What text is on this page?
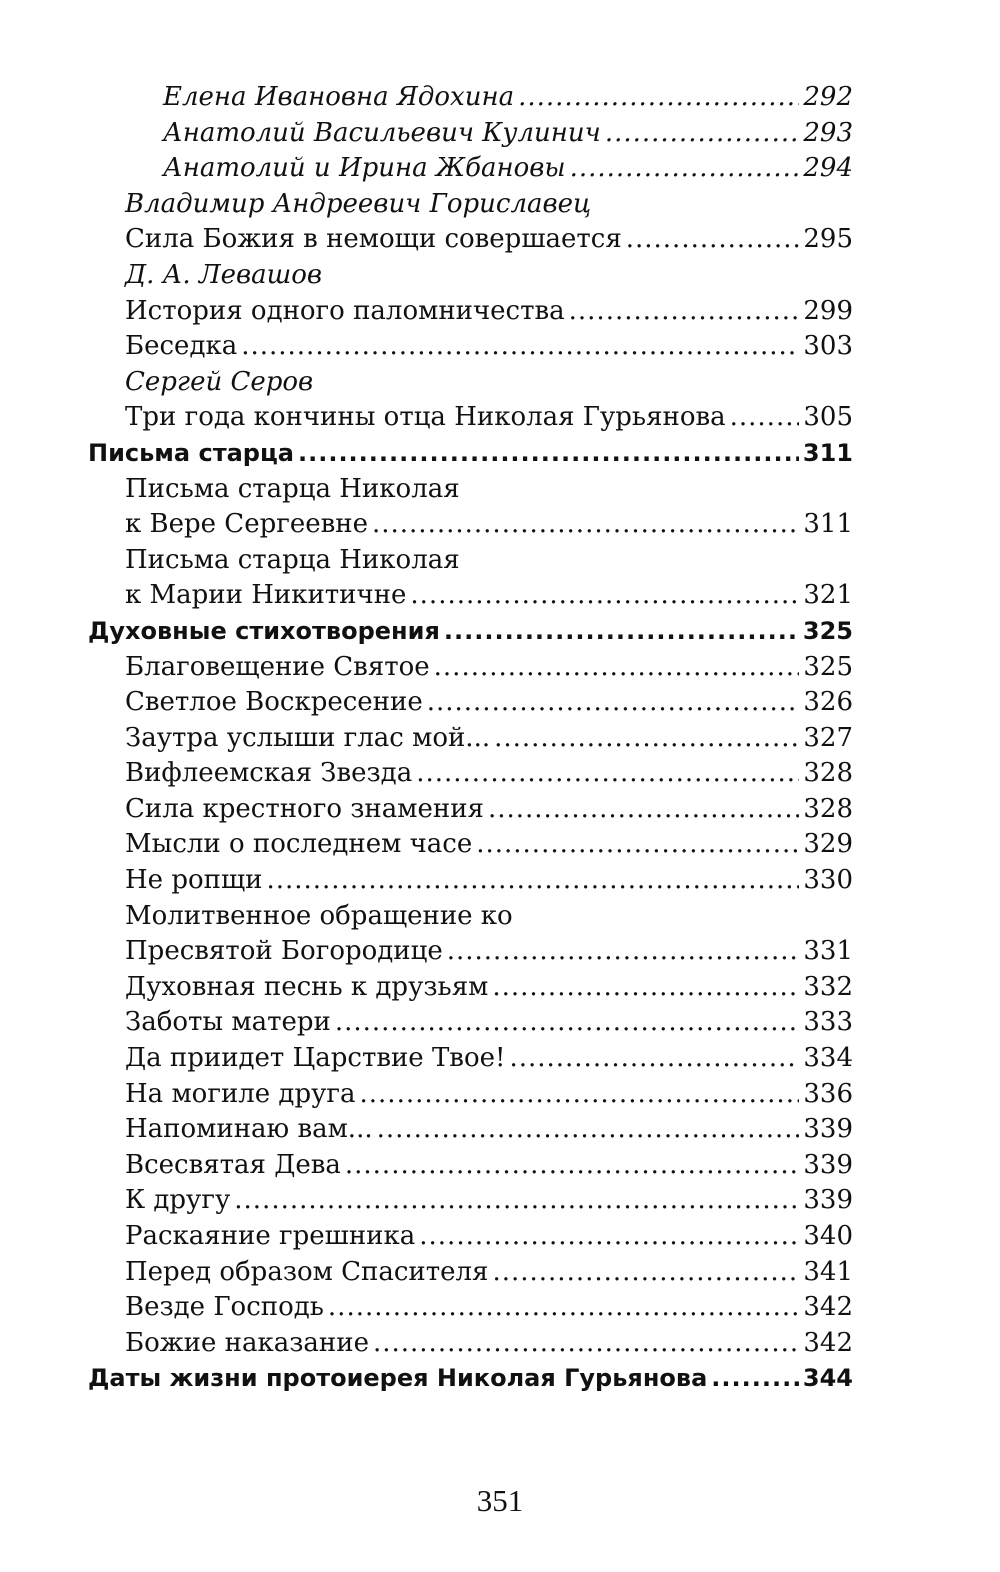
Елена Ивановна Ядохина .....	292
Анатолий Васильевич Кулинич .....	293
Анатолий и Ирина Жбановы .....	294
Владимир Андреевич Гориславец
Сила Божия в немощи совершается .....	295
Д. А. Левашов
История одного паломничества .....	299
Беседка .....	303
Сергей Серов
Три года кончины отца Николая Гурьянова .....	305
Письма старца .....	311
Письма старца Николая
к Вере Сергеевне .....	311
Письма старца Николая
к Марии Никитичне .....	321
Духовные стихотворения .....	325
Благовещение Святое .....	325
Светлое Воскресение .....	326
Заутра услыши глас мой... .....	327
Вифлеемская Звезда .....	328
Сила крестного знамения .....	328
Мысли о последнем часе .....	329
Не ропщи .....	330
Молитвенное обращение ко
Пресвятой Богородице .....	331
Духовная песнь к друзьям .....	332
Заботы матери .....	333
Да приидет Царствие Твое! .....	334
На могиле друга .....	336
Напоминаю вам... .....	339
Всесвятая Дева .....	339
К другу .....	339
Раскаяние грешника .....	340
Перед образом Спасителя .....	341
Везде Господь .....	342
Божие наказание .....	342
Даты жизни протоиерея Николая Гурьянова .....	344
351
